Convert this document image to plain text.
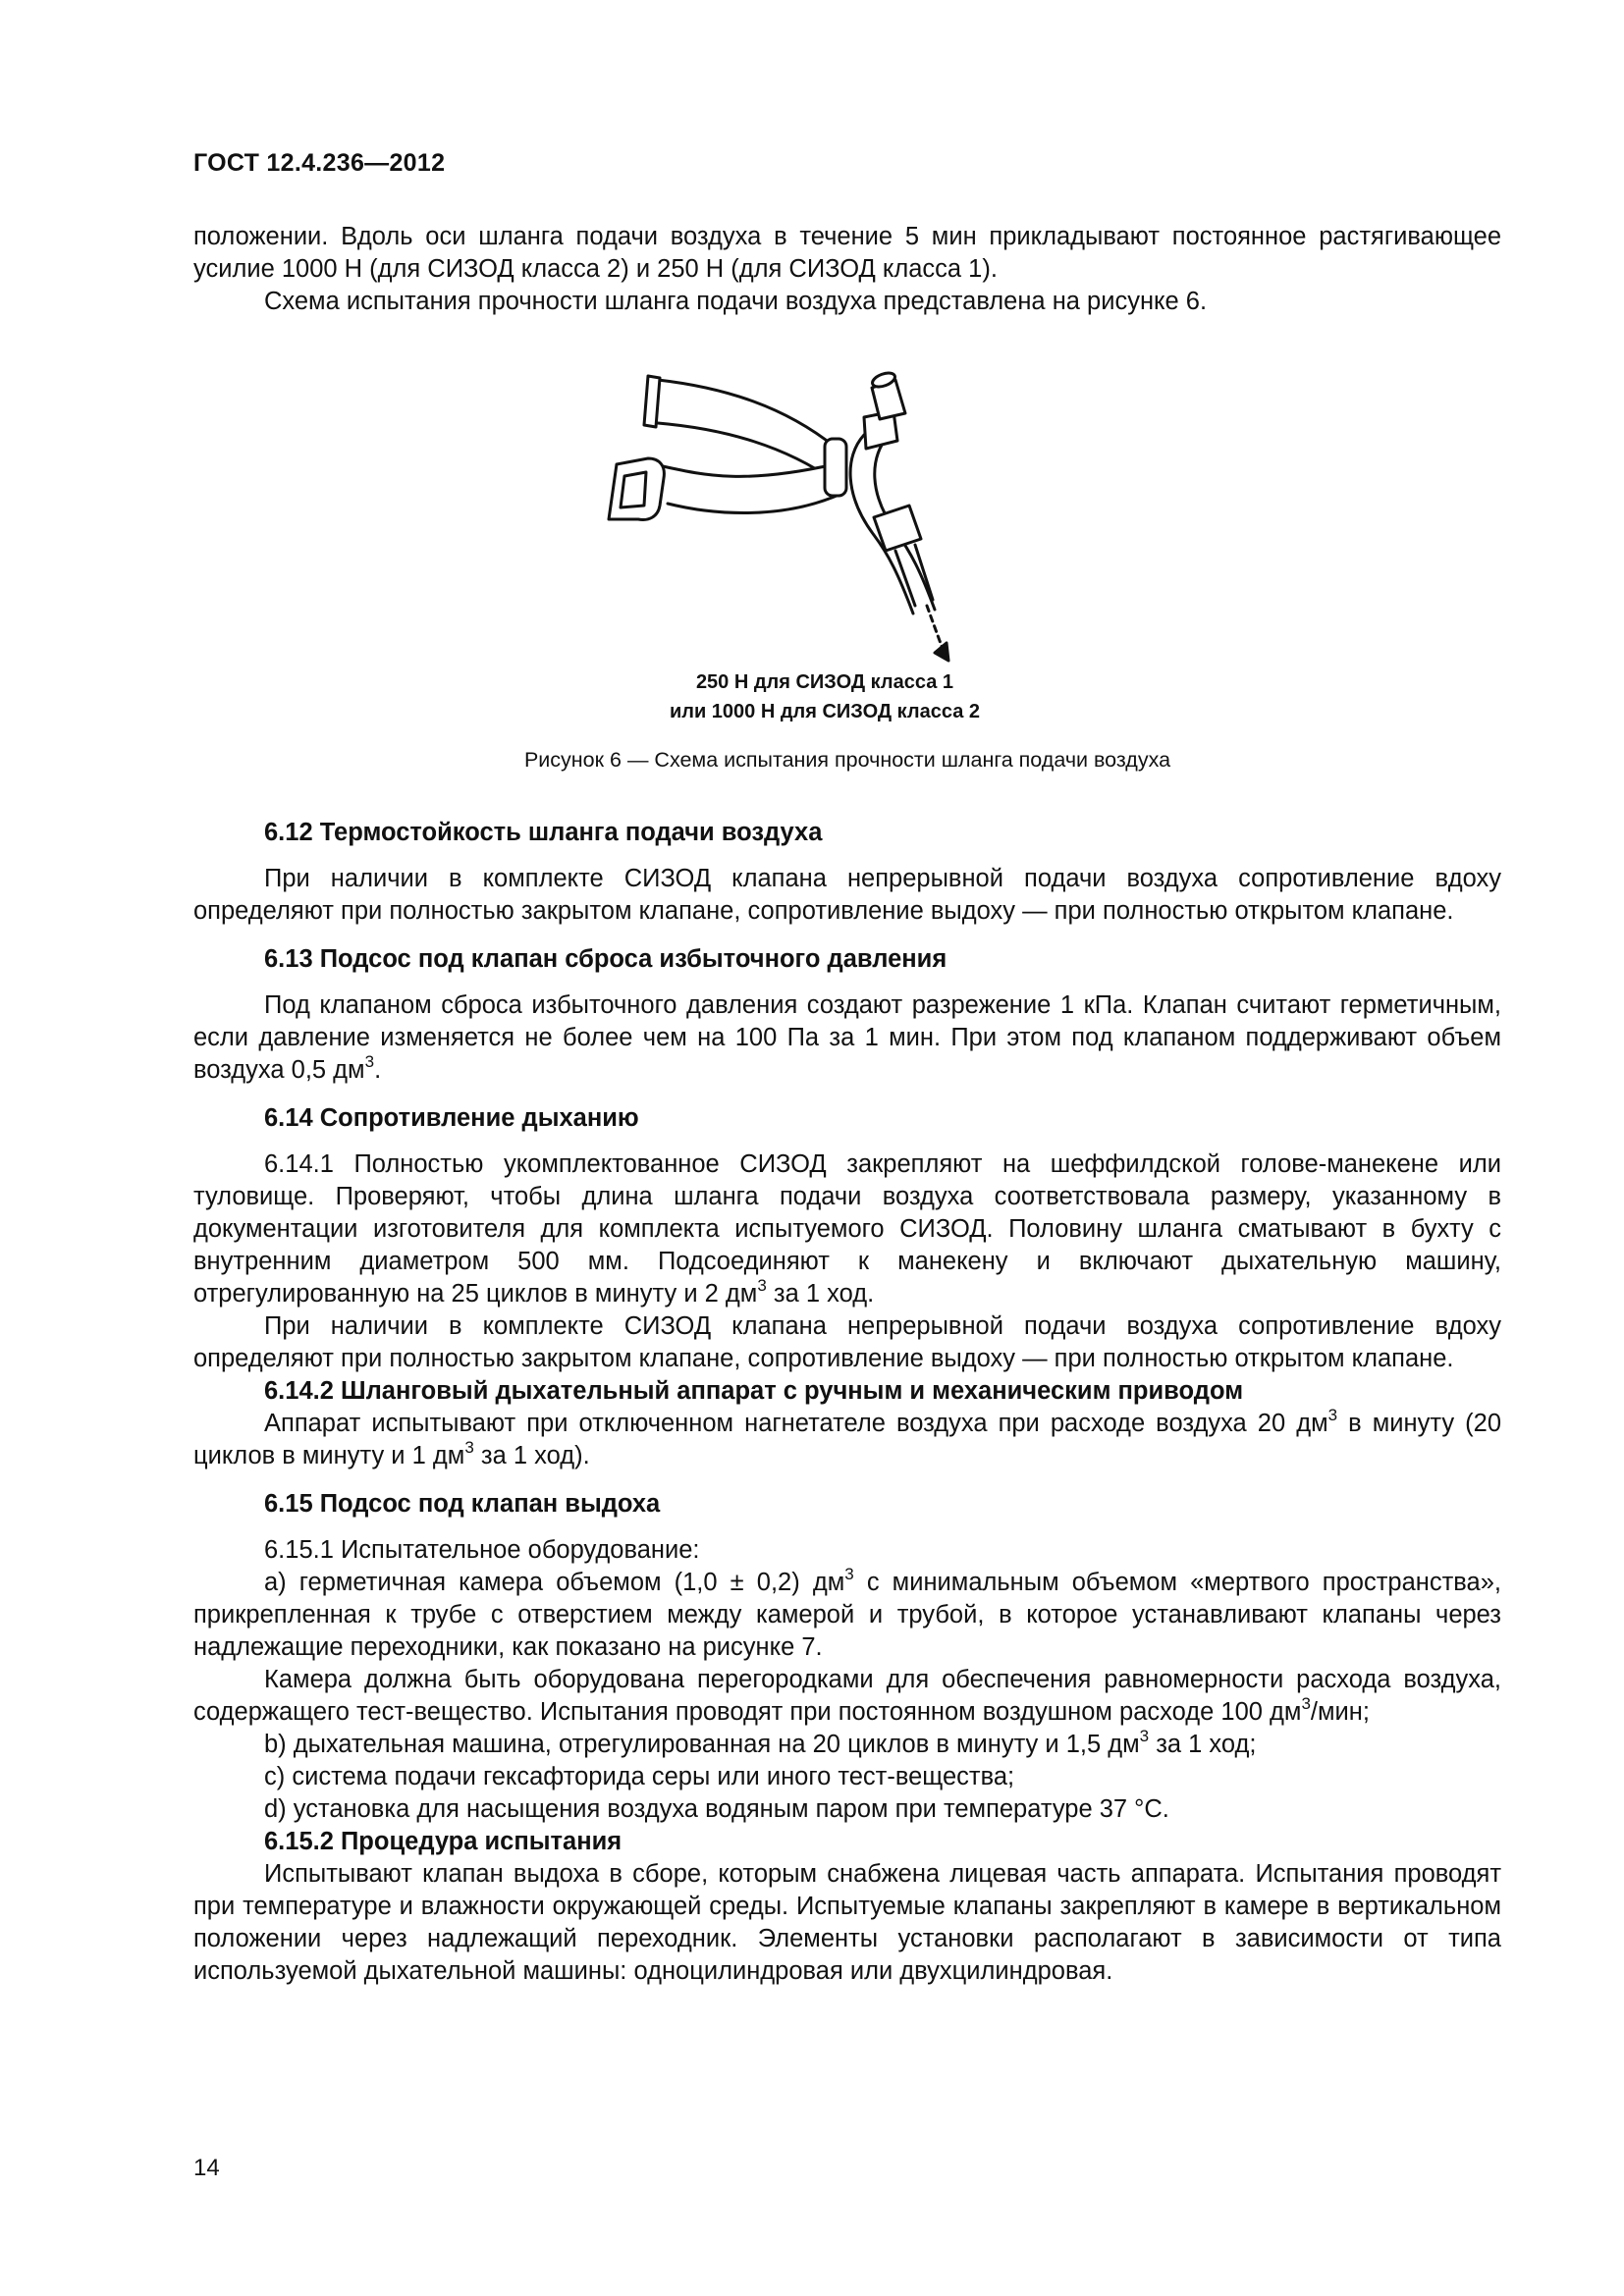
ГОСТ 12.4.236—2012

положении. Вдоль оси шланга подачи воздуха в течение 5 мин прикладывают постоянное растягивающее усилие 1000 Н (для СИЗОД класса 2) и 250 Н (для СИЗОД класса 1).

Схема испытания прочности шланга подачи воздуха представлена на рисунке 6.

250 Н для СИЗОД класса 1
или 1000 Н для СИЗОД класса 2
Рисунок 6 — Схема испытания прочности шланга подачи воздуха

6.12 Термостойкость шланга подачи воздуха

При наличии в комплекте СИЗОД клапана непрерывной подачи воздуха сопротивление вдоху определяют при полностью закрытом клапане, сопротивление выдоху — при полностью открытом клапане.

6.13 Подсос под клапан сброса избыточного давления

Под клапаном сброса избыточного давления создают разрежение 1 кПа. Клапан считают герметичным, если давление изменяется не более чем на 100 Па за 1 мин. При этом под клапаном поддерживают объем воздуха 0,5 $дм^3$.

6.14 Сопротивление дыханию

6.14.1 Полностью укомплектованное СИЗОД закрепляют на шеффилдской голове-манекене или туловище. Проверяют, чтобы длина шланга подачи воздуха соответствовала размеру, указанному в документации изготовителя для комплекта испытуемого СИЗОД. Половину шланга сматывают в бухту с внутренним диаметром 500 мм. Подсоединяют к манекену и включают дыхательную машину, отрегулированную на 25 циклов в минуту и 2 $дм^3$ за 1 ход.

При наличии в комплекте СИЗОД клапана непрерывной подачи воздуха сопротивление вдоху определяют при полностью закрытом клапане, сопротивление выдоху — при полностью открытом клапане.

6.14.2 Шланговый дыхательный аппарат с ручным и механическим приводом

Аппарат испытывают при отключенном нагнетателе воздуха при расходе воздуха 20 $дм^3$ в минуту (20 циклов в минуту и 1 $дм^3$ за 1 ход).

6.15 Подсос под клапан выдоха

6.15.1 Испытательное оборудование:

а) герметичная камера объемом (1,0 ± 0,2) $дм^3$ с минимальным объемом «мертвого пространства», прикрепленная к трубе с отверстием между камерой и трубой, в которое устанавливают клапаны через надлежащие переходники, как показано на рисунке 7.

Камера должна быть оборудована перегородками для обеспечения равномерности расхода воздуха, содержащего тест-вещество. Испытания проводят при постоянном воздушном расходе 100 $дм^3$/мин;

b) дыхательная машина, отрегулированная на 20 циклов в минуту и 1,5 $дм^3$ за 1 ход;

с) система подачи гексафторида серы или иного тест-вещества;

d) установка для насыщения воздуха водяным паром при температуре 37 °С.

6.15.2 Процедура испытания

Испытывают клапан выдоха в сборе, которым снабжена лицевая часть аппарата. Испытания проводят при температуре и влажности окружающей среды. Испытуемые клапаны закрепляют в камере в вертикальном положении через надлежащий переходник. Элементы установки располагают в зависимости от типа используемой дыхательной машины: одноцилиндровая или двухцилиндровая.

14
